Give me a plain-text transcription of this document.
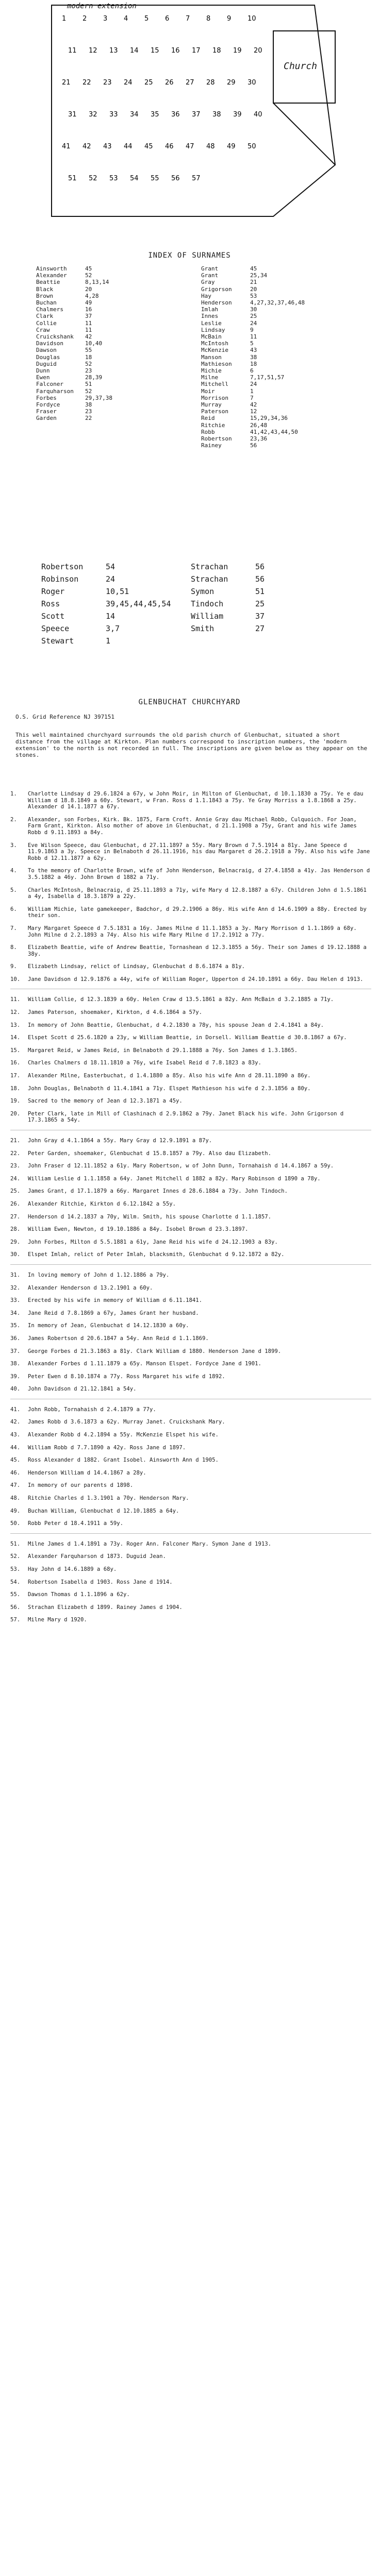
1 2 3 4 5 6 7 8 9 10
11 12 13 14 15 16 17 18 19 20
21 22 23 24 25 26 27 28 29 30
31 32 33 34 35 36 37 38 39 40
41 42 43 44 45 46 47 48 49 50
51 52 53 54 55 56 57
modern extension
Church
INDEX OF SURNAMES
Ainsworth	45
Alexander	52
Beattie	8,13,14
Black	20
Brown	4,28
Buchan	49
Chalmers	16
Clark	37
Collie	11
Craw	11
Cruickshank	42
Davidson	10,40
Dawson	55
Douglas	18
Duguid	52
Dunn	23
Ewen	28,39
Falconer	51
Farquharson	52
Forbes	29,37,38
Fordyce	38
Fraser	23
Garden	22
Grant	45
Grant	25,34
Gray	21
Grigorson	20
Hay	53
Henderson	4,27,32,37,46,48
Imlah	30
Innes	25
Leslie	24
Lindsay	9
McBain	11
McIntosh	5
McKenzie	43
Manson	38
Mathieson	18
Michie	6
Milne	7,17,51,57
Mitchell	24
Moir	1
Morrison	7
Murray	42
Paterson	12
Reid	15,29,34,36
Ritchie	26,48
Robb	41,42,43,44,50
Robertson	23,36
Rainey	56
Robertson	54	Strachan	56
Robinson	24	Strachan	56
Roger	10,51	Symon	51
Ross	39,45,44,45,54	Tindoch	25
Scott	14	William	37
Speece	3,7	Smith	27
Stewart	1
GLENBUCHAT CHURCHYARD
O.S. Grid Reference NJ 397151
This well maintained churchyard surrounds the old parish church of Glenbuchat, situated a short distance from the village at Kirkton. Plan numbers correspond to inscription numbers, the 'modern extension' to the north is not recorded in full. The inscriptions are given below as they appear on the stones.
1.	Charlotte Lindsay d 29.6.1824 a 67y, w John Moir, in Milton of Glenbuchat, d 10.1.1830 a 75y. Ye e dau William d 18.8.1849 a 60y. Stewart, w Fran. Ross d 1.1.1843 a 75y. Ye Gray Morriss a 1.8.1868 a 25y. Alexander d 14.1.1877 a 67y.
2.	Alexander, son Forbes, Kirk. Bk. 1875, Farm Croft. Annie Gray dau Michael Robb, Culquoich. For Joan, Farm Grant, Kirkton. Also mother of above in Glenbuchat, d 21.1.1908 a 75y, Grant and his wife James Robb d 9.11.1893 a 84y.
3.	Eve Wilson Speece, dau Glenbuchat, d 27.11.1897 a 55y. Mary Brown d 7.5.1914 a 81y. Jane Speece d 11.9.1863 a 3y. Speece in Belnaboth d 26.11.1916, his dau Margaret d 26.2.1918 a 79y. Also his wife Jane Robb d 12.11.1877 a 62y.
4.	To the memory of Charlotte Brown, wife of John Henderson, Belnacraig, d 27.4.1858 a 41y. Jas Henderson d 3.5.1882 a 46y. John Brown d 1882 a 71y.
5.	Charles McIntosh, Belnacraig, d 25.11.1893 a 71y, wife Mary d 12.8.1887 a 67y. Children John d 1.5.1861 a 4y, Isabella d 18.3.1879 a 22y.
6.	William Michie, late gamekeeper, Badchor, d 29.2.1906 a 86y. His wife Ann d 14.6.1909 a 88y. Erected by their son.
7.	Mary Margaret Speece d 7.5.1831 a 16y. James Milne d 11.1.1853 a 3y. Mary Morrison d 1.1.1869 a 68y. John Milne d 2.2.1893 a 74y. Also his wife Mary Milne d 17.2.1912 a 77y.
8.	Elizabeth Beattie, wife of Andrew Beattie, Tornashean d 12.3.1855 a 56y. Their son James d 19.12.1888 a 38y.
9.	Elizabeth Lindsay, relict of Lindsay, Glenbuchat d 8.6.1874 a 81y.
10.	Jane Davidson d 12.9.1876 a 44y, wife of William Roger, Upperton d 24.10.1891 a 66y. Dau Helen d 1913.
11.	William Collie, d 12.3.1839 a 60y. Helen Craw d 13.5.1861 a 82y. Ann McBain d 3.2.1885 a 71y.
12.	James Paterson, shoemaker, Kirkton, d 4.6.1864 a 57y.
13.	In memory of John Beattie, Glenbuchat, d 4.2.1830 a 78y, his spouse Jean d 2.4.1841 a 84y.
14.	Elspet Scott d 25.6.1820 a 23y, w William Beattie, in Dorsell. William Beattie d 30.8.1867 a 67y.
15.	Margaret Reid, w James Reid, in Belnaboth d 29.1.1888 a 76y. Son James d 1.3.1865.
16.	Charles Chalmers d 18.11.1810 a 76y, wife Isabel Reid d 7.8.1823 a 83y.
17.	Alexander Milne, Easterbuchat, d 1.4.1880 a 85y. Also his wife Ann d 28.11.1890 a 86y.
18.	John Douglas, Belnaboth d 11.4.1841 a 71y. Elspet Mathieson his wife d 2.3.1856 a 80y.
19.	Sacred to the memory of Jean d 12.3.1871 a 45y.
20.	Peter Clark, late in Mill of Clashinach d 2.9.1862 a 79y. Janet Black his wife. John Grigorson d 17.3.1865 a 54y.
21.	John Gray d 4.1.1864 a 55y. Mary Gray d 12.9.1891 a 87y.
22.	Peter Garden, shoemaker, Glenbuchat d 15.8.1857 a 79y. Also dau Elizabeth.
23.	John Fraser d 12.11.1852 a 61y. Mary Robertson, w of John Dunn, Tornahaish d 14.4.1867 a 59y.
24.	William Leslie d 1.1.1858 a 64y. Janet Mitchell d 1882 a 82y. Mary Robinson d 1890 a 78y.
25.	James Grant, d 17.1.1879 a 66y. Margaret Innes d 28.6.1884 a 73y. John Tindoch.
26.	Alexander Ritchie, Kirkton d 6.12.1842 a 55y.
27.	Henderson d 14.2.1837 a 70y, Wilm. Smith, his spouse Charlotte d 1.1.1857.
28.	William Ewen, Newton, d 19.10.1886 a 84y. Isobel Brown d 23.3.1897.
29.	John Forbes, Milton d 5.5.1881 a 61y, Jane Reid his wife d 24.12.1903 a 83y.
30.	Elspet Imlah, relict of Peter Imlah, blacksmith, Glenbuchat d 9.12.1872 a 82y.
31.	In loving memory of John d 1.12.1886 a 79y.
32.	Alexander Henderson d 13.2.1901 a 60y.
33.	Erected by his wife in memory of William d 6.11.1841.
34.	Jane Reid d 7.8.1869 a 67y, James Grant her husband.
35.	In memory of Jean, Glenbuchat d 14.12.1830 a 60y.
36.	James Robertson d 20.6.1847 a 54y. Ann Reid d 1.1.1869.
37.	George Forbes d 21.3.1863 a 81y. Clark William d 1880. Henderson Jane d 1899.
38.	Alexander Forbes d 1.11.1879 a 65y. Manson Elspet. Fordyce Jane d 1901.
39.	Peter Ewen d 8.10.1874 a 77y. Ross Margaret his wife d 1892.
40.	John Davidson d 21.12.1841 a 54y.
41.	John Robb, Tornahaish d 2.4.1879 a 77y.
42.	James Robb d 3.6.1873 a 62y. Murray Janet. Cruickshank Mary.
43.	Alexander Robb d 4.2.1894 a 55y. McKenzie Elspet his wife.
44.	William Robb d 7.7.1890 a 42y. Ross Jane d 1897.
45.	Ross Alexander d 1882. Grant Isobel. Ainsworth Ann d 1905.
46.	Henderson William d 14.4.1867 a 28y.
47.	In memory of our parents d 1898.
48.	Ritchie Charles d 1.3.1901 a 70y. Henderson Mary.
49.	Buchan William, Glenbuchat d 12.10.1885 a 64y.
50.	Robb Peter d 18.4.1911 a 59y.
51.	Milne James d 1.4.1891 a 73y. Roger Ann. Falconer Mary. Symon Jane d 1913.
52.	Alexander Farquharson d 1873. Duguid Jean.
53.	Hay John d 14.6.1889 a 68y.
54.	Robertson Isabella d 1903. Ross Jane d 1914.
55.	Dawson Thomas d 1.1.1896 a 62y.
56.	Strachan Elizabeth d 1899. Rainey James d 1904.
57.	Milne Mary d 1920.
